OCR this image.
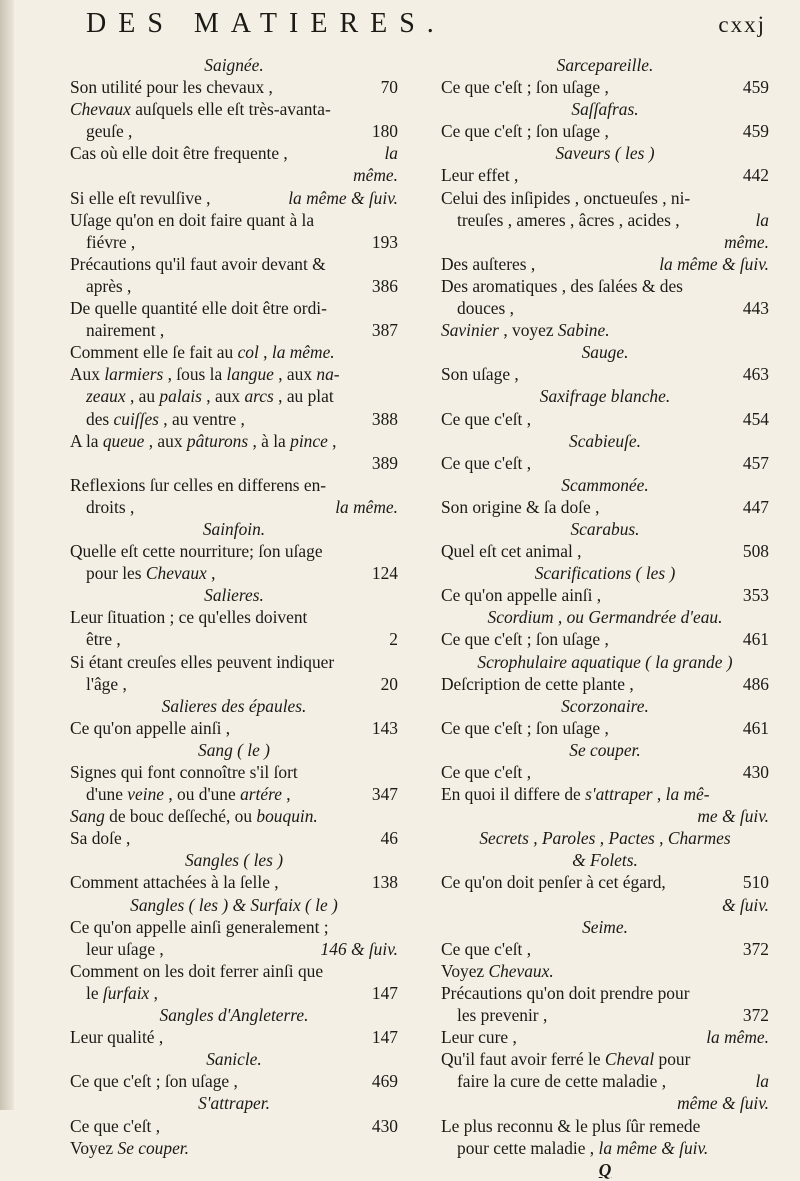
DES MATIERES.	cxxj
Saignée.
Son utilité pour les chevaux ,	70
Chevaux auſquels elle eſt très-avanta-
geuſe ,	180
Cas où elle doit être frequente ,	la
même.
Si elle eſt revulſive ,	la même & ſuiv.
Uſage qu'on en doit faire quant à la
fiévre ,	193
Précautions qu'il faut avoir devant &
après ,	386
De quelle quantité elle doit être ordi-
nairement ,	387
Comment elle ſe fait au col , la même.
Aux larmiers , ſous la langue , aux na-
zeaux , au palais , aux arcs , au plat
des cuiſſes , au ventre ,	388
A la queue , aux pâturons , à la pince ,
389
Reflexions ſur celles en differens en-
droits ,	la même.
Sainfoin.
Quelle eſt cette nourriture; ſon uſage
pour les Chevaux ,	124
Salieres.
Leur ſituation ; ce qu'elles doivent
être ,	2
Si étant creuſes elles peuvent indiquer
l'âge ,	20
Salieres des épaules.
Ce qu'on appelle ainſi ,	143
Sang ( le )
Signes qui font connoître s'il ſort
d'une veine , ou d'une artére ,	347
Sang de bouc deſſeché, ou bouquin.
Sa doſe ,	46
Sangles ( les )
Comment attachées à la ſelle ,	138
Sangles ( les ) & Surfaix ( le )
Ce qu'on appelle ainſi generalement ;
leur uſage ,	146 & ſuiv.
Comment on les doit ferrer ainſi que
le ſurfaix ,	147
Sangles d'Angleterre.
Leur qualité ,	147
Sanicle.
Ce que c'eſt ; ſon uſage ,	469
S'attraper.
Ce que c'eſt ,	430
Voyez Se couper.
Sarcepareille.
Ce que c'eſt ; ſon uſage ,	459
Saſſafras.
Ce que c'eſt ; ſon uſage ,	459
Saveurs ( les )
Leur effet ,	442
Celui des inſipides , onctueuſes , ni-
treuſes , ameres , âcres , acides ,	la
même.
Des auſteres ,	la même & ſuiv.
Des aromatiques , des ſalées & des
douces ,	443
Savinier , voyez Sabine.
Sauge.
Son uſage ,	463
Saxifrage blanche.
Ce que c'eſt ,	454
Scabieuſe.
Ce que c'eſt ,	457
Scammonée.
Son origine & ſa doſe ,	447
Scarabus.
Quel eſt cet animal ,	508
Scarifications ( les )
Ce qu'on appelle ainſi ,	353
Scordium , ou Germandrée d'eau.
Ce que c'eſt ; ſon uſage ,	461
Scrophulaire aquatique ( la grande )
Deſcription de cette plante ,	486
Scorzonaire.
Ce que c'eſt ; ſon uſage ,	461
Se couper.
Ce que c'eſt ,	430
En quoi il differe de s'attraper , la mê-
me & ſuiv.
Secrets , Paroles , Pactes , Charmes
& Folets.
Ce qu'on doit penſer à cet égard,	510
& ſuiv.
Seime.
Ce que c'eſt ,	372
Voyez Chevaux.
Précautions qu'on doit prendre pour
les prevenir ,	372
Leur cure ,	la même.
Qu'il faut avoir ferré le Cheval pour
faire la cure de cette maladie ,	la
même & ſuiv.
Le plus reconnu & le plus ſûr remede
pour cette maladie , la même & ſuiv.
Q
